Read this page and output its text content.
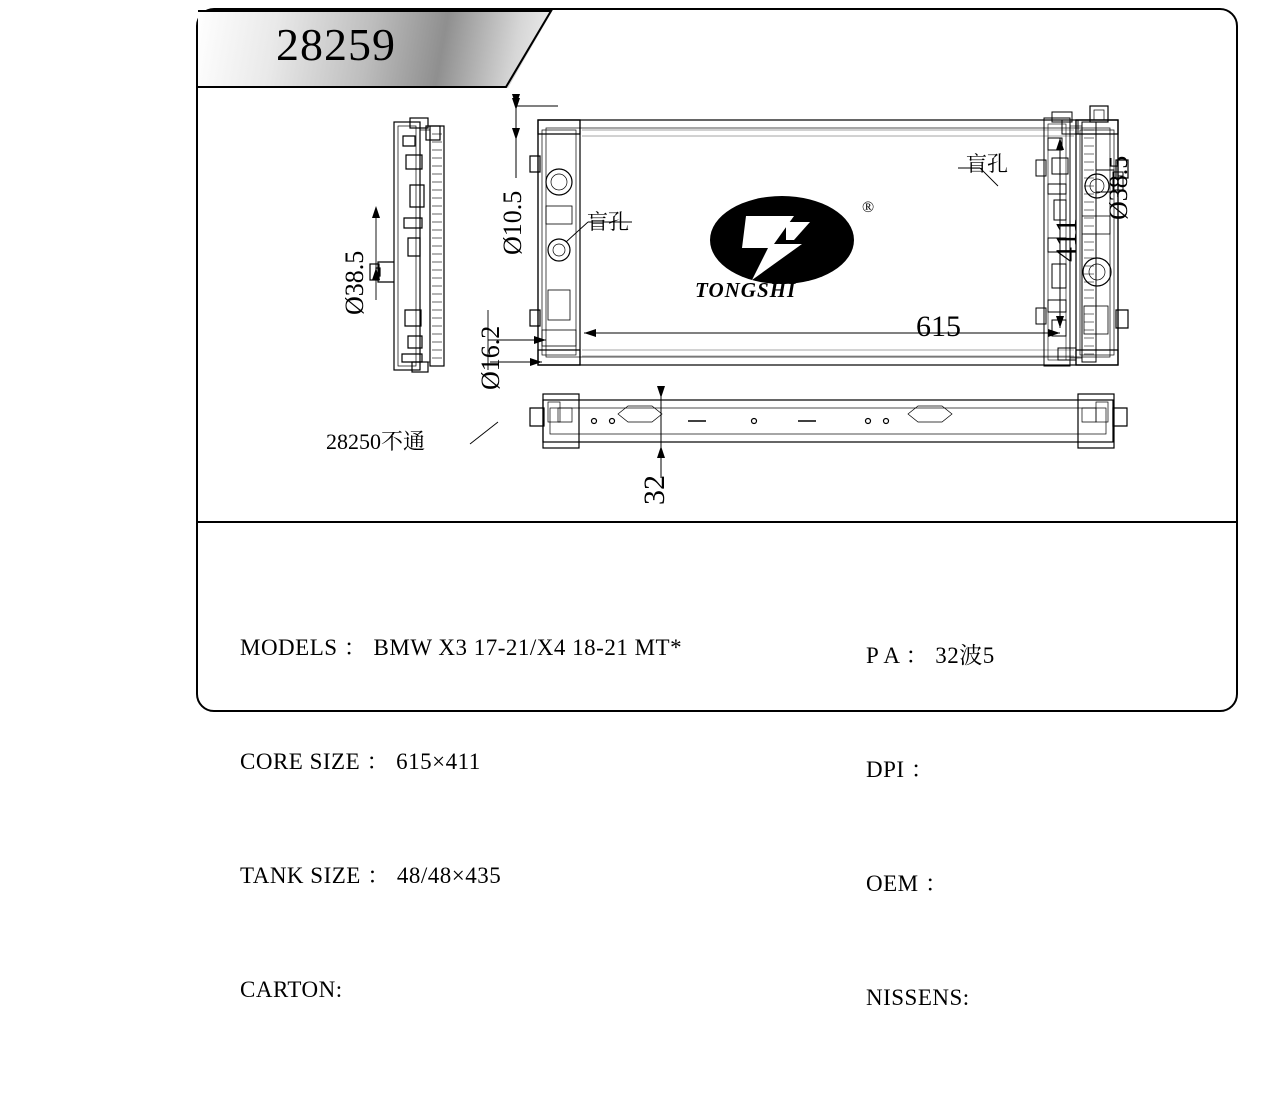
®
TONGSHI
615
411
Ø10.5
Ø16.2
Ø38.5
Ø38.5
32
盲孔
盲孔
28250不通
28259

MODELS ： BMW X3 17-21/X4 18-21 MT*

CORE SIZE ： 615×411

TANK SIZE ： 48/48×435

CARTON:

P A ： 32波5

DPI ：

OEM ：

NISSENS:
